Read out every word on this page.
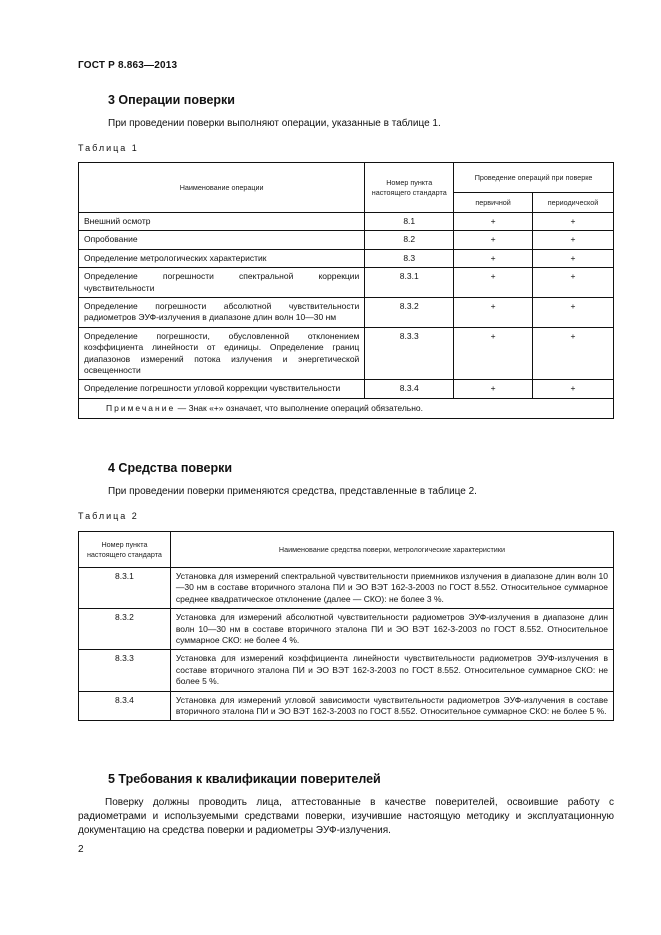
ГОСТ Р 8.863—2013
3 Операции поверки
При проведении поверки выполняют операции, указанные в таблице 1.
Таблица 1
Наименование операции	Номер пункта настоящего стандарта	Проведение операций при поверке	
		первичной	периодической
Внешний осмотр	8.1	+	+
Опробование	8.2	+	+
Определение метрологических характеристик	8.3	+	+
Определение погрешности спектральной коррекции чувствительности	8.3.1	+	+
Определение погрешности абсолютной чувствительности радиометров ЭУФ-излучения в диапазоне длин волн 10—30 нм	8.3.2	+	+
Определение погрешности, обусловленной отклонением коэффициента линейности от единицы. Определение границ диапазонов измерений потока излучения и энергетической освещенности	8.3.3	+	+
Определение погрешности угловой коррекции чувствительности	8.3.4	+	+
Примечание — Знак «+» означает, что выполнение операций обязательно.			
4 Средства поверки
При проведении поверки применяются средства, представленные в таблице 2.
Таблица 2
Номер пункта настоящего стандарта	Наименование средства поверки, метрологические характеристики
8.3.1	Установка для измерений спектральной чувствительности приемников излучения в диапазоне длин волн 10—30 нм в составе вторичного эталона ПИ и ЭО ВЭТ 162-3-2003 по ГОСТ 8.552. Относительное суммарное среднее квадратическое отклонение (далее — СКО): не более 3 %.
8.3.2	Установка для измерений абсолютной чувствительности радиометров ЭУФ-излучения в диапазоне длин волн 10—30 нм в составе вторичного эталона ПИ и ЭО ВЭТ 162-3-2003 по ГОСТ 8.552. Относительное суммарное СКО: не более 4 %.
8.3.3	Установка для измерений коэффициента линейности чувствительности радиометров ЭУФ-излучения в составе вторичного эталона ПИ и ЭО ВЭТ 162-3-2003 по ГОСТ 8.552. Относительное суммарное СКО: не более 5 %.
8.3.4	Установка для измерений угловой зависимости чувствительности радиометров ЭУФ-излучения в составе вторичного эталона ПИ и ЭО ВЭТ 162-3-2003 по ГОСТ 8.552. Относительное суммарное СКО: не более 5 %.
5 Требования к квалификации поверителей
Поверку должны проводить лица, аттестованные в качестве поверителей, освоившие работу с радиометрами и используемыми средствами поверки, изучившие настоящую методику и эксплуатационную документацию на средства поверки и радиометры ЭУФ-излучения.
2
